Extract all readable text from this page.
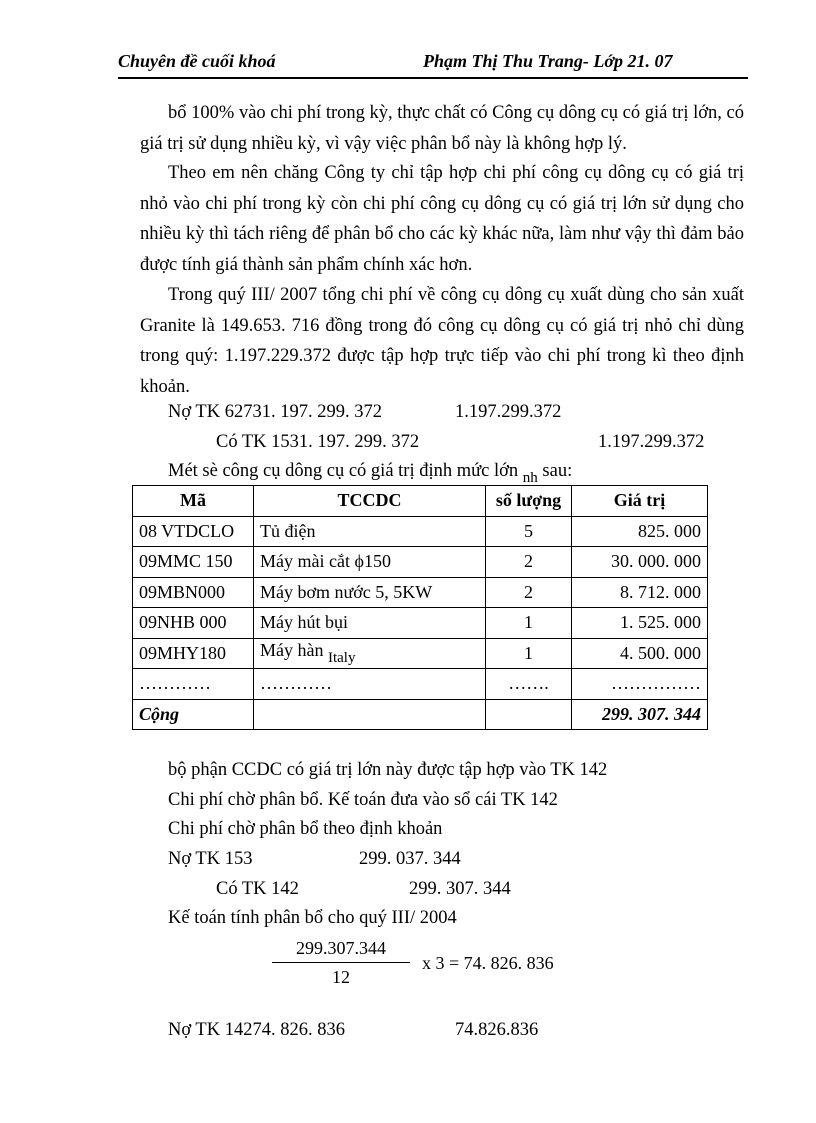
Chuyên đề cuối khoá	Phạm Thị Thu Trang- Lớp 21. 07

bổ 100% vào chi phí trong kỳ, thực chất có Công cụ dông cụ có giá trị lớn, có giá trị sử dụng nhiều kỳ, vì vậy việc phân bổ này là không hợp lý.

Theo em nên chăng Công ty chỉ tập hợp chi phí công cụ dông cụ có giá trị nhỏ vào chi phí trong kỳ còn chi phí công cụ dông cụ có giá trị lớn sử dụng cho nhiều kỳ thì tách riêng để phân bổ cho các kỳ khác nữa, làm như vậy thì đảm bảo được tính giá thành sản phẩm chính xác hơn.
Trong quý III/ 2007 tổng chi phí về công cụ dông cụ xuất dùng cho sản xuất Granite là 149.653. 716 đồng trong đó công cụ dông cụ có giá trị nhỏ chỉ dùng trong quý: 1.197.229.372 được tập hợp trực tiếp vào chi phí trong kì theo định khoản.
Nợ TK 62731. 197. 299. 372	1.197.299.372
Có TK 1531. 197. 299. 372	1.197.299.372
Mét sè công cụ dông cụ có giá trị định mức lớn $_{nh}$ sau:
Mã	TCCDC	số lượng	Giá trị
08 VTDCLO	Tủ điện	5	825. 000
09MMC 150	Máy mài cắt ϕ150	2	30. 000. 000
09MBN000	Máy bơm nước 5, 5KW	2	8. 712. 000
09NHB 000	Máy hút bụi	1	1. 525. 000
09MHY180	Máy hàn $_{Italy}$	1	4. 500. 000
…………	…………	…….	……………
Cộng			299. 307. 344
bộ phận CCDC có giá trị lớn này được tập hợp vào TK 142
Chi phí chờ phân bổ. Kế toán đưa vào sổ cái TK 142
Chi phí chờ phân bổ theo định khoản
Nợ TK 153	299. 037. 344
Có TK 142	299. 307. 344
Kế toán tính phân bổ cho quý III/ 2004
$\frac{299.307.344}{12}$ x 3 = 74. 826. 836
Nợ TK 14274. 826. 836	74.826.836
